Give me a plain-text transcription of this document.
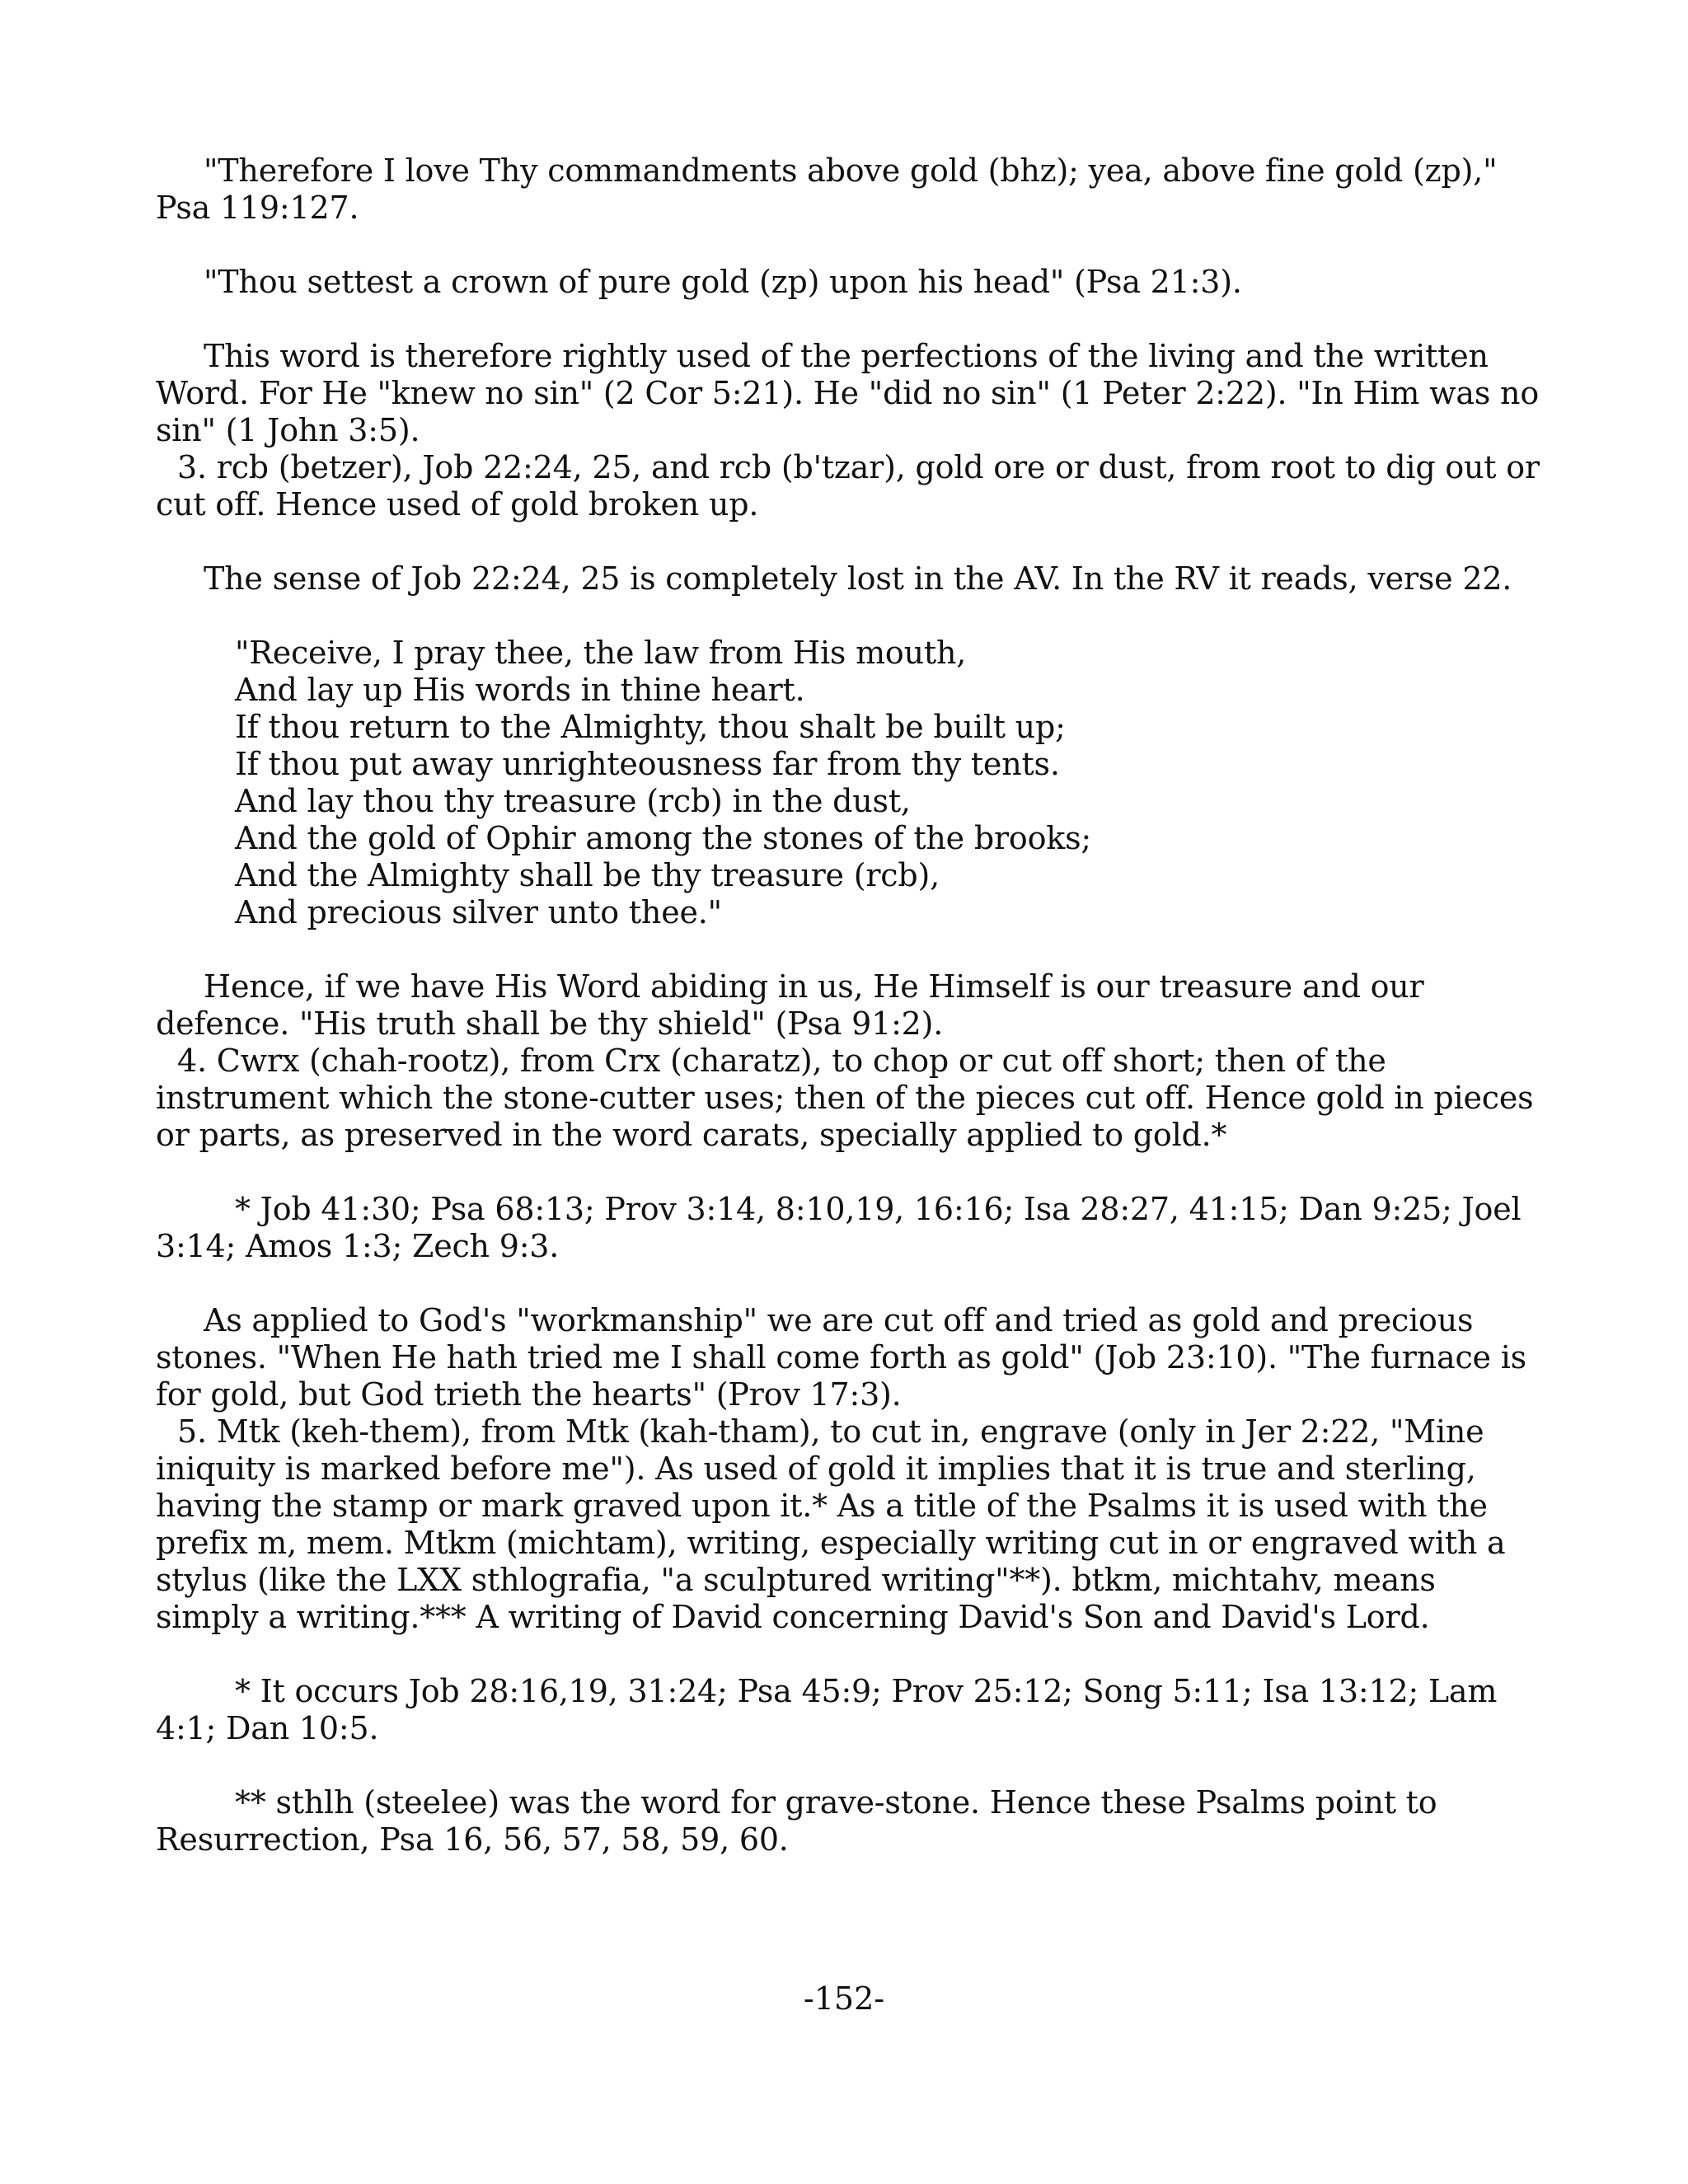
"Therefore I love Thy commandments above gold (bhz); yea, above fine gold (zp)," Psa 119:127.

"Thou settest a crown of pure gold (zp) upon his head" (Psa 21:3).

This word is therefore rightly used of the perfections of the living and the written Word. For He "knew no sin" (2 Cor 5:21). He "did no sin" (1 Peter 2:22). "In Him was no sin" (1 John 3:5).

3. rcb (betzer), Job 22:24, 25, and rcb (b'tzar), gold ore or dust, from root to dig out or cut off. Hence used of gold broken up.

The sense of Job 22:24, 25 is completely lost in the AV. In the RV it reads, verse 22.

"Receive, I pray thee, the law from His mouth,
And lay up His words in thine heart.
If thou return to the Almighty, thou shalt be built up;
If thou put away unrighteousness far from thy tents.
And lay thou thy treasure (rcb) in the dust,
And the gold of Ophir among the stones of the brooks;
And the Almighty shall be thy treasure (rcb),
And precious silver unto thee."

Hence, if we have His Word abiding in us, He Himself is our treasure and our defence. "His truth shall be thy shield" (Psa 91:2).

4. Cwrx (chah-rootz), from Crx (charatz), to chop or cut off short; then of the instrument which the stone-cutter uses; then of the pieces cut off. Hence gold in pieces or parts, as preserved in the word carats, specially applied to gold.*

* Job 41:30; Psa 68:13; Prov 3:14, 8:10,19, 16:16; Isa 28:27, 41:15; Dan 9:25; Joel 3:14; Amos 1:3; Zech 9:3.

As applied to God's "workmanship" we are cut off and tried as gold and precious stones. "When He hath tried me I shall come forth as gold" (Job 23:10). "The furnace is for gold, but God trieth the hearts" (Prov 17:3).

5. Mtk (keh-them), from Mtk (kah-tham), to cut in, engrave (only in Jer 2:22, "Mine iniquity is marked before me"). As used of gold it implies that it is true and sterling, having the stamp or mark graved upon it.* As a title of the Psalms it is used with the prefix m, mem. Mtkm (michtam), writing, especially writing cut in or engraved with a stylus (like the LXX sthlografia, "a sculptured writing"**). btkm, michtahv, means simply a writing.*** A writing of David concerning David's Son and David's Lord.

* It occurs Job 28:16,19, 31:24; Psa 45:9; Prov 25:12; Song 5:11; Isa 13:12; Lam 4:1; Dan 10:5.

** sthlh (steelee) was the word for grave-stone. Hence these Psalms point to Resurrection, Psa 16, 56, 57, 58, 59, 60.

-152-
